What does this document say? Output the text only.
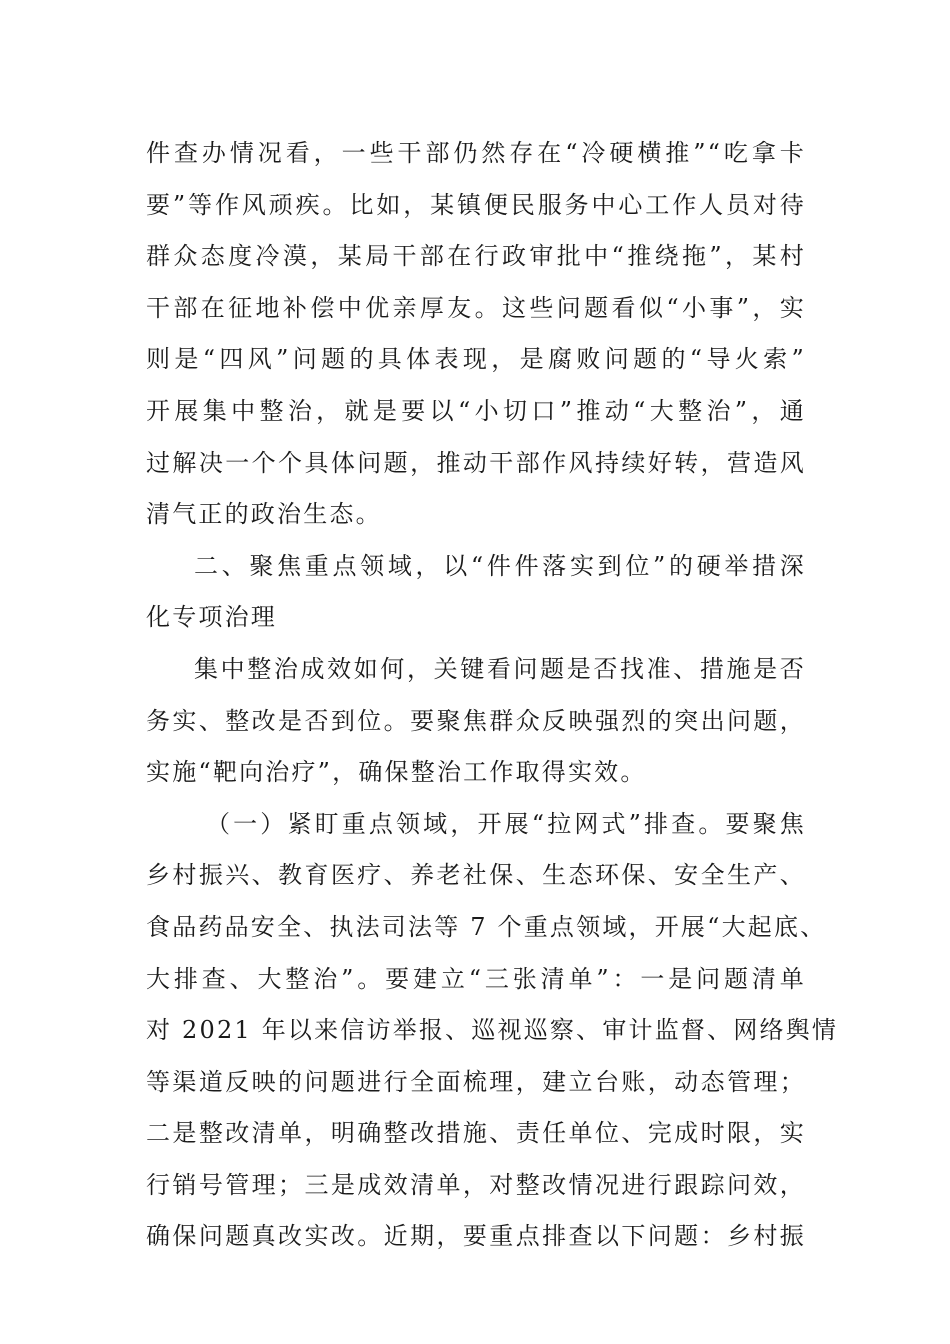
件查办情况看，一些干部仍然存在“冷硬横推”“吃拿卡
要”等作风顽疾。比如，某镇便民服务中心工作人员对待
群众态度冷漠，某局干部在行政审批中“推绕拖”，某村
干部在征地补偿中优亲厚友。这些问题看似“小事”，实
则是“四风”问题的具体表现，是腐败问题的“导火索”
开展集中整治，就是要以“小切口”推动“大整治”，通
过解决一个个具体问题，推动干部作风持续好转，营造风
清气正的政治生态。
二、聚焦重点领域，以“件件落实到位”的硬举措深
化专项治理
集中整治成效如何，关键看问题是否找准、措施是否
务实、整改是否到位。要聚焦群众反映强烈的突出问题，
实施“靶向治疗”，确保整治工作取得实效。
（一）紧盯重点领域，开展“拉网式”排查。要聚焦
乡村振兴、教育医疗、养老社保、生态环保、安全生产、
食品药品安全、执法司法等 7 个重点领域，开展“大起底、
大排查、大整治”。要建立“三张清单”：一是问题清单
对 2021 年以来信访举报、巡视巡察、审计监督、网络舆情
等渠道反映的问题进行全面梳理，建立台账，动态管理；
二是整改清单，明确整改措施、责任单位、完成时限，实
行销号管理；三是成效清单，对整改情况进行跟踪问效，
确保问题真改实改。近期，要重点排查以下问题：乡村振
